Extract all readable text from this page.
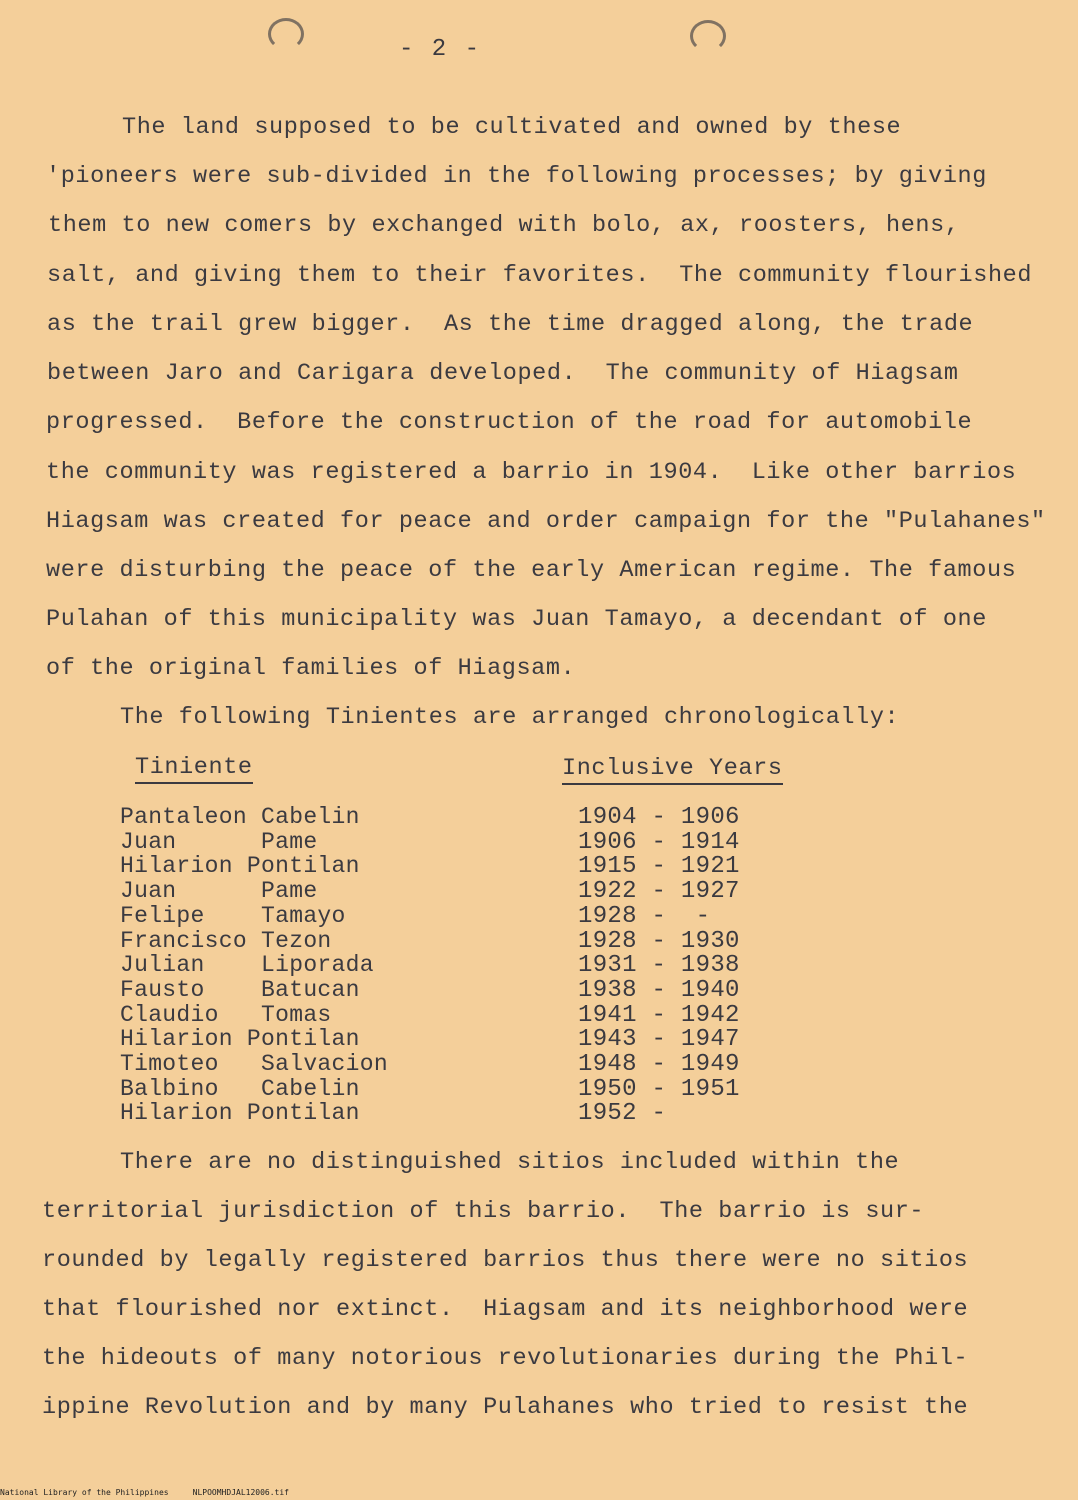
- 2 -
The land supposed to be cultivated and owned by these
'pioneers were sub-divided in the following processes; by giving
them to new comers by exchanged with bolo, ax, roosters, hens,
salt, and giving them to their favorites.  The community flourished
as the trail grew bigger.  As the time dragged along, the trade
between Jaro and Carigara developed.  The community of Hiagsam
progressed.  Before the construction of the road for automobile
the community was registered a barrio in 1904.  Like other barrios
Hiagsam was created for peace and order campaign for the "Pulahanes"
were disturbing the peace of the early American regime. The famous
Pulahan of this municipality was Juan Tamayo, a decendant of one
of the original families of Hiagsam.
The following Tinientes are arranged chronologically:
Tiniente	Inclusive Years
Pantaleon Cabelin	1904 - 1906
Juan      Pame	1906 - 1914
Hilarion Pontilan	1915 - 1921
Juan      Pame	1922 - 1927
Felipe    Tamayo	1928 -  -
Francisco Tezon	1928 - 1930
Julian    Liporada	1931 - 1938
Fausto    Batucan	1938 - 1940
Claudio   Tomas	1941 - 1942
Hilarion Pontilan	1943 - 1947
Timoteo   Salvacion	1948 - 1949
Balbino   Cabelin	1950 - 1951
Hilarion Pontilan	1952 -
There are no distinguished sitios included within the
territorial jurisdiction of this barrio.  The barrio is sur-
rounded by legally registered barrios thus there were no sitios
that flourished nor extinct.  Hiagsam and its neighborhood were
the hideouts of many notorious revolutionaries during the Phil-
ippine Revolution and by many Pulahanes who tried to resist the
National Library of the Philippines     NLPOOMHDJAL12006.tif
